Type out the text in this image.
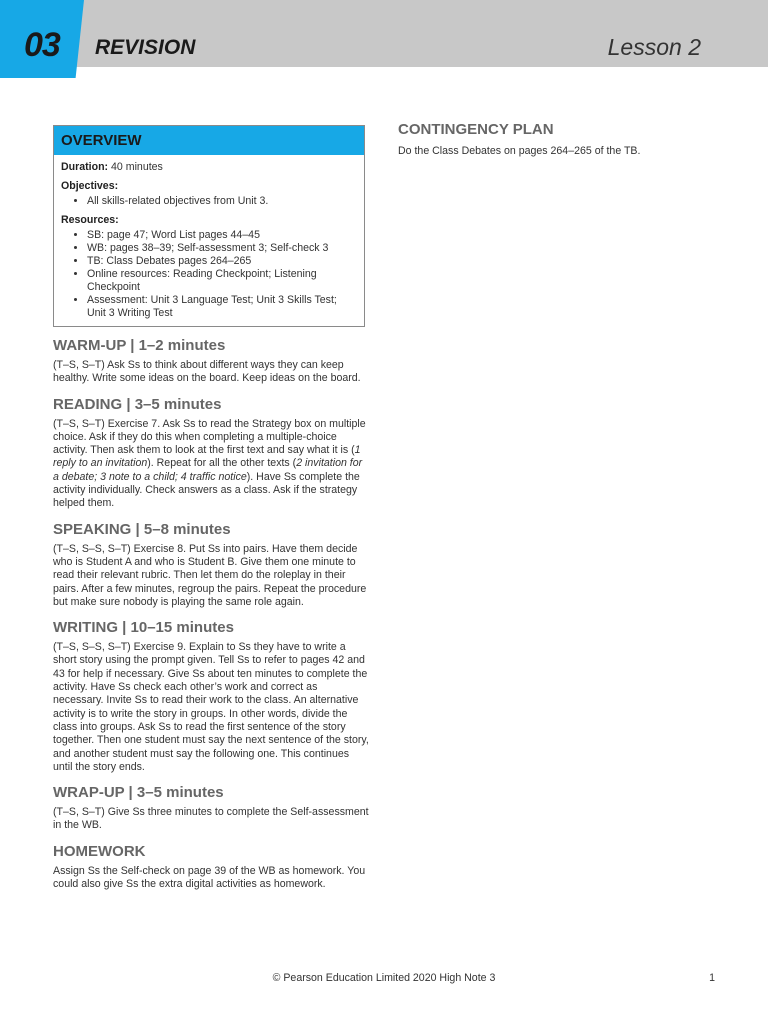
03 REVISION	Lesson 2
OVERVIEW

Duration: 40 minutes

Objectives:

• All skills-related objectives from Unit 3.

Resources:

• SB: page 47; Word List pages 44–45
• WB: pages 38–39; Self-assessment 3; Self-check 3
• TB: Class Debates pages 264–265
• Online resources: Reading Checkpoint; Listening Checkpoint
• Assessment: Unit 3 Language Test; Unit 3 Skills Test; Unit 3 Writing Test
WARM-UP | 1–2 minutes

(T–S, S–T) Ask Ss to think about different ways they can keep healthy. Write some ideas on the board. Keep ideas on the board.

READING | 3–5 minutes

(T–S, S–T) Exercise 7. Ask Ss to read the Strategy box on multiple choice. Ask if they do this when completing a multiple-choice activity. Then ask them to look at the first text and say what it is (1 reply to an invitation). Repeat for all the other texts (2 invitation for a debate; 3 note to a child; 4 traffic notice). Have Ss complete the activity individually. Check answers as a class. Ask if the strategy helped them.

SPEAKING | 5–8 minutes

(T–S, S–S, S–T) Exercise 8. Put Ss into pairs. Have them decide who is Student A and who is Student B. Give them one minute to read their relevant rubric. Then let them do the roleplay in their pairs. After a few minutes, regroup the pairs. Repeat the procedure but make sure nobody is playing the same role again.

WRITING | 10–15 minutes

(T–S, S–S, S–T) Exercise 9. Explain to Ss they have to write a short story using the prompt given. Tell Ss to refer to pages 42 and 43 for help if necessary. Give Ss about ten minutes to complete the activity. Have Ss check each other’s work and correct as necessary. Invite Ss to read their work to the class. An alternative activity is to write the story in groups. In other words, divide the class into groups. Ask Ss to read the first sentence of the story together. Then one student must say the next sentence of the story, and another student must say the following one. This continues until the story ends.

WRAP-UP | 3–5 minutes

(T–S, S–T) Give Ss three minutes to complete the Self-assessment in the WB.

HOMEWORK

Assign Ss the Self-check on page 39 of the WB as homework. You could also give Ss the extra digital activities as homework.

CONTINGENCY PLAN

Do the Class Debates on pages 264–265 of the TB.

© Pearson Education Limited 2020 High Note 3	1
